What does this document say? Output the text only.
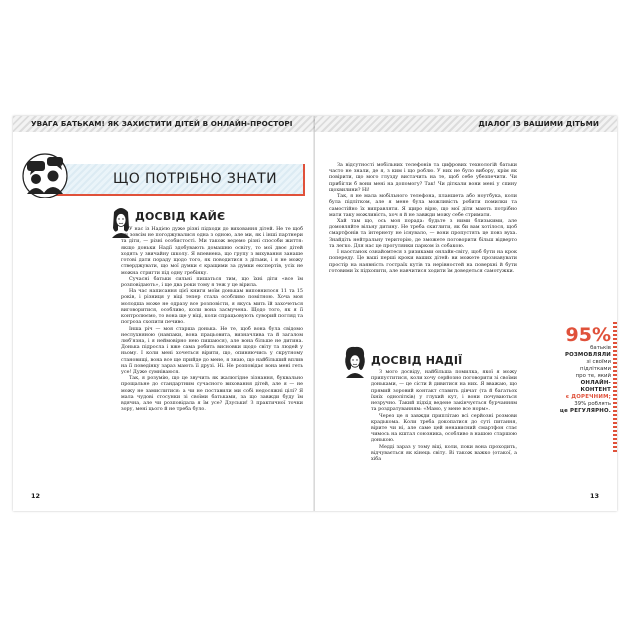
УВАГА БАТЬКАМ! ЯК ЗАХИСТИТИ ДІТЕЙ В ОНЛАЙН-ПРОСТОРІ
ЩО ПОТРІБНО ЗНАТИ
ДОСВІД КАЙЄ

У нас із Надією дуже різні підходи до виховання дітей. Не те щоб ми зовсім не погоджувалися одна з одною, але ми, як і інші партнери та діти, — різні особистості. Ми також ведемо різні способи життя: якщо доньки Надії здобувають домашню освіту, то мої двоє дітей ходять у звичайну школу. Я впевнена, що групу з вихування занаше готові дати пораду щодо того, як поводитися з дітьми, і я не можу стверджувати, що мої думки є кращими за думки експертів, усіх не можна стригти під одну гребінку.

Сучасні батьки сильні пишаться тим, що їхні діти «все їм розповідають», і ще два роки тому я теж у це вірила.

На час написання цієї книги моїм донькам виповнилося 11 та 15 років, і різниця у віці тепер стала особливо помітною. Хоча моя молодша може не одразу все розповісти, я якусь мить їй захочеться виговоритися, особливо, коли вона засмучена. Щодо того, як я її контролюємо, то вона ще у віці, коли спрацьовують суворий погляд та погроза схопити печиво.

Інша річ — моя старша донька. Не те, щоб вона була свідомо неслухняною (навпаки, вона працьовита, визначлива та й загалом люб'язна, і я неймовірно нею пишаюся), але вона більше не дитина. Донька підросла і вже сама робить висновки щодо світу та людей у ньому. І коли мені хочеться вірити, що, опиняючись у скрутному становищі, вона все ще прийде до мене, я знаю, що найбільший вплив на її поведінку зараз мають її друзі. Ні. Не розповідає вона мені геть усе! Дуже сумніваюся.

Так, я розумію, що це звучить як жалюгідне зізнання, буквально прощальне до стандартним сучасного виховання дітей, але я — не можу не замислитися: а чи не поставили ми собі недосяжні цілі? Я мала чудові стосунки зі своїми батьками, за що завжди буду їм вдячна, але чи розповідала я їм усе? Дзуськи! З практичної точки зору, мені цього й не треба було.

12
ДІАЛОГ ІЗ ВАШИМИ ДІТЬМИ

За відсутності мобільних телефонів та цифрових технологій батьки часто не знали, де я, з ким і що роблю. У них не було вибору, крім як повірити, що мого глузду вистачить на те, щоб себе убезпечити. Чи прибігли б вони мені на допомогу? Так! Чи діткали вони мені у спину щохвилини? Ні!

Так, я не мала мобільного телефона, планшета або ноутбука, коли була підлітком, але я мене була можливість робити помилки та самостійно їх виправляти. Я щиро вірю, що мої діти мають потрібно мати таку можливість, хоч я й не завжди можу себе стримати.

Хай там що, ось моя порада: будьте з ними близькими, але домовляйте вільну дитину. Не треба скиглити, як би вам хотілося, щоб смартфонів та інтернету не існувало, — вони пропустять це повз вуха. Знайдіть нейтральну територію, де зможете поговорити більш відверто та легко. Для нас це прогулянки парком із собакою.

І наостанок ознайомтеся з ризиками онлайн-світу, щоб бути на крок попереду. Це ваші перші кроки ваших дітей: ви можете прознавувати простір на наявність гостраїх кутів та нерівностей на поверхні й бути готовими їх підхопити, але навчитися ходити їм доведеться самотужки.

ДОСВІД НАДІЇ

З мого досвіду, найбільша помилка, якої я можу припуститися, коли хочу серйозно поговорити зі своїми доньками, — це сісти й дивитися на них. Я вважаю, що прямий зоровий контакт ставить дівчат (та й багатьох їхніх однолітків) у глухий кут, і вони почуваються незручно. Такий підхід ведене закінчується бурчанням та роздратуванням: «Мамо, у мене все норм».

Через це я завжди приплітаю всі серйозні розмови крадькома. Коли треба докопатися до суті питання, вірите чи ні, але саме цей ненависний смартфон стає чимось на кштал союзника, особливо в нашою старшою донькою.

Медді зараз у тому віці, коли, поки вона проходить, відчувається як кінець світу. Ві також важко (отакої, а хіба

95%
батьків
РОЗМОВЛЯЛИ
зі своїми
підлітками
про те, який
ОНЛАЙН-
КОНТЕНТ
є ДОРЕЧНИМ;
39% роблять
це РЕГУЛЯРНО.
13
